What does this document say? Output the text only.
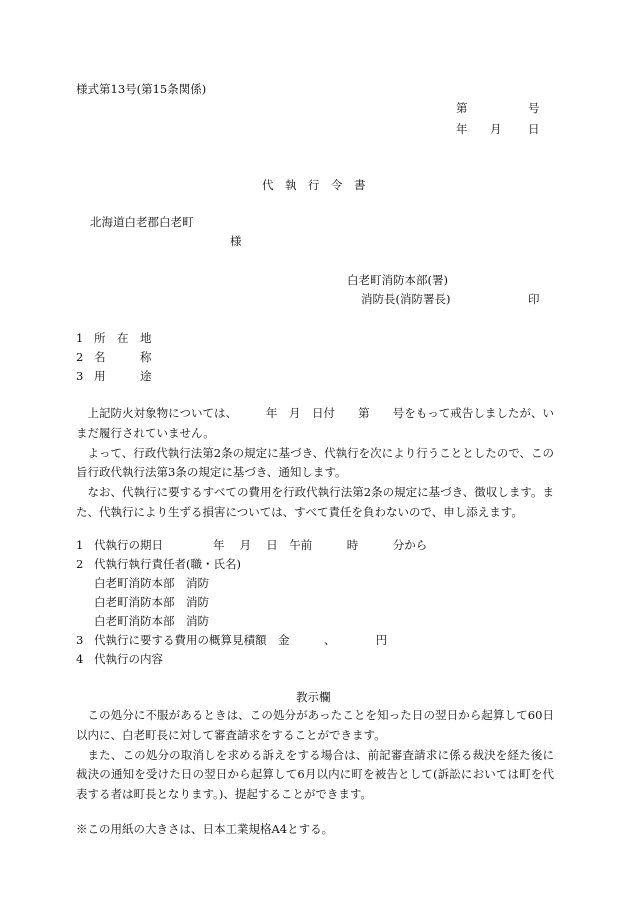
様式第13号(第15条関係)
第	号
年 月 日
代　執　行　令　書
北海道白老郡白老町
様
白老町消防本部(署)
消防長(消防署長)	印
1 所　在　地
2 名　　　称
3 用　　　途

上記防火対象物については、　　　年　月　日付　　第　　号をもって戒告しましたが、いまだ履行されていません。

よって、行政代執行法第2条の規定に基づき、代執行を次により行うこととしたので、この旨行政代執行法第3条の規定に基づき、通知します。

なお、代執行に要するすべての費用を行政代執行法第2条の規定に基づき、徴収します。また、代執行により生ずる損害については、すべて責任を負わないので、申し添えます。

1 代執行の期日	年　 月　 日　午前　　　時　　　分から
2 代執行執行責任者(職・氏名)
白老町消防本部　消防
白老町消防本部　消防
白老町消防本部　消防
3 代執行に要する費用の概算見積額　金　　　、　　　　円
4 代執行の内容
教示欄

この処分に不服があるときは、この処分があったことを知った日の翌日から起算して60日以内に、白老町長に対して審査請求をすることができます。

また、この処分の取消しを求める訴えをする場合は、前記審査請求に係る裁決を経た後に裁決の通知を受けた日の翌日から起算して6月以内に町を被告として(訴訟においては町を代表する者は町長となります。)、提起することができます。

※この用紙の大きさは、日本工業規格A4とする。
